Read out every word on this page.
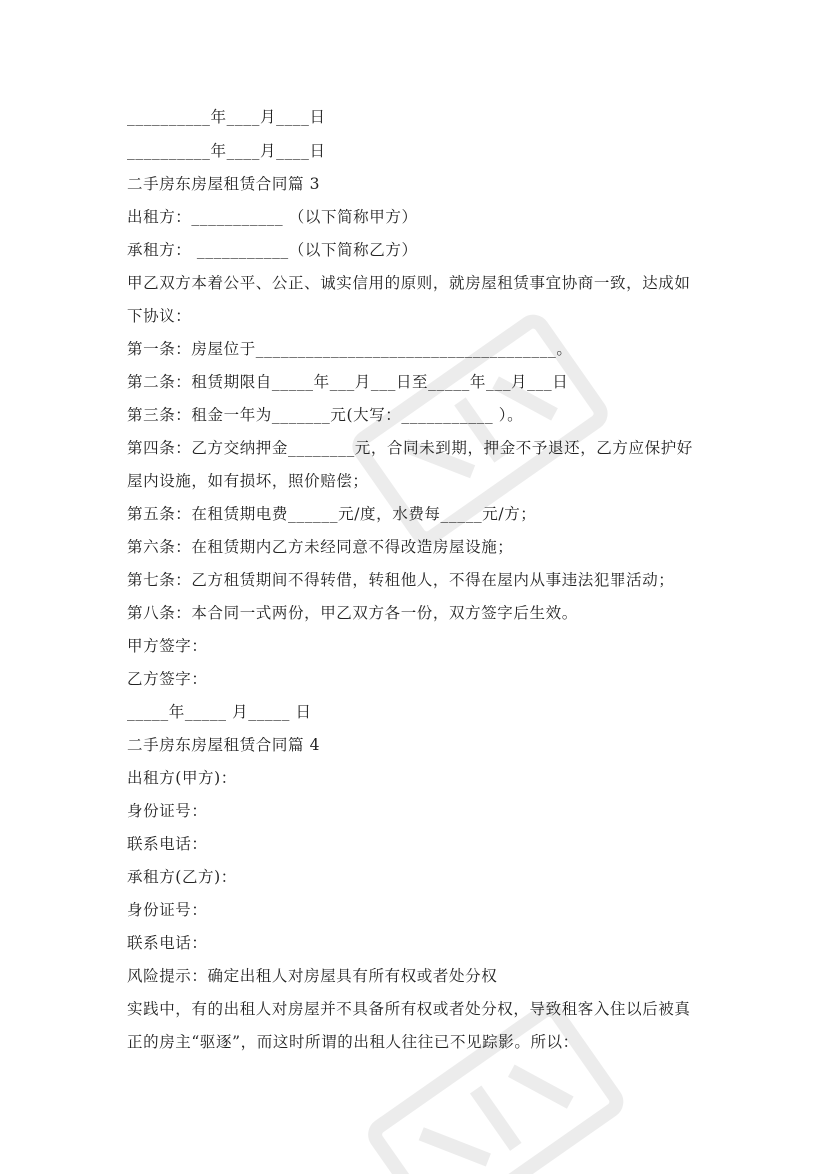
__________年____月____日
__________年____月____日
二手房东房屋租赁合同篇 3
出租方：___________ （以下简称甲方）
承租方： ___________（以下简称乙方）
甲乙双方本着公平、公正、诚实信用的原则，就房屋租赁事宜协商一致，达成如
下协议：
第一条：房屋位于____________________________________。
第二条：租赁期限自_____年___月___日至_____年___月___日
第三条：租金一年为_______元(大写：___________ ）。
第四条：乙方交纳押金________元，合同未到期，押金不予退还，乙方应保护好
屋内设施，如有损坏，照价赔偿；
第五条：在租赁期电费______元/度，水费每_____元/方；
第六条：在租赁期内乙方未经同意不得改造房屋设施；
第七条：乙方租赁期间不得转借，转租他人，不得在屋内从事违法犯罪活动；
第八条：本合同一式两份，甲乙双方各一份，双方签字后生效。
甲方签字：
乙方签字：
_____年_____ 月_____ 日
二手房东房屋租赁合同篇 4
出租方(甲方)：
身份证号：
联系电话：
承租方(乙方)：
身份证号：
联系电话：
风险提示：确定出租人对房屋具有所有权或者处分权
实践中，有的出租人对房屋并不具备所有权或者处分权，导致租客入住以后被真
正的房主“驱逐”，而这时所谓的出租人往往已不见踪影。所以：
